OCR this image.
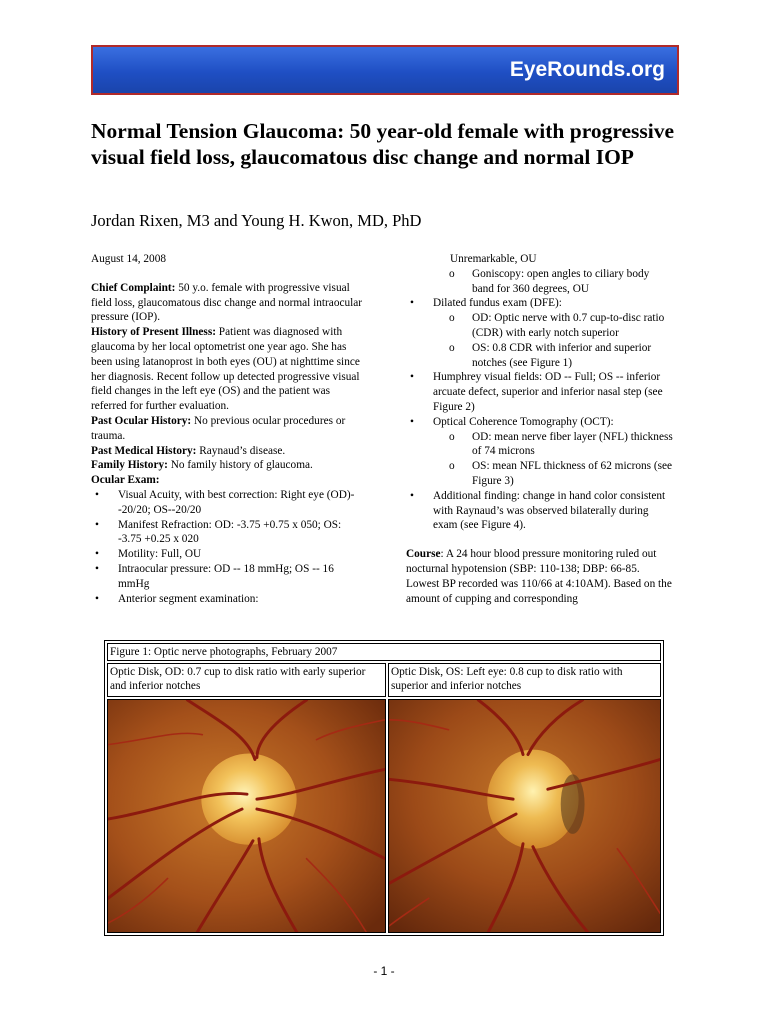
EyeRounds.org
Normal Tension Glaucoma: 50 year-old female with progressive visual field loss, glaucomatous disc change and normal IOP
Jordan Rixen, M3 and Young H. Kwon, MD, PhD

August 14, 2008

Chief Complaint: 50 y.o. female with progressive visual field loss, glaucomatous disc change and normal intraocular pressure (IOP).

History of Present Illness: Patient was diagnosed with glaucoma by her local optometrist one year ago. She has been using latanoprost in both eyes (OU) at nighttime since her diagnosis. Recent follow up detected progressive visual field changes in the left eye (OS) and the patient was referred for further evaluation.

Past Ocular History: No previous ocular procedures or trauma.

Past Medical History: Raynaud’s disease.

Family History: No family history of glaucoma.

Ocular Exam:

• Visual Acuity, with best correction: Right eye (OD)--20/20; OS--20/20
• Manifest Refraction: OD: -3.75 +0.75 x 050; OS: -3.75 +0.25 x 020
• Motility: Full, OU
• Intraocular pressure: OD -- 18 mmHg; OS -- 16 mmHg
• Anterior segment examination:

Unremarkable, OU

o Goniscopy: open angles to ciliary body band for 360 degrees, OU
• Dilated fundus exam (DFE):
o OD: Optic nerve with 0.7 cup-to-disc ratio (CDR) with early notch superior
o OS: 0.8 CDR with inferior and superior notches (see Figure 1)
• Humphrey visual fields: OD -- Full; OS -- inferior arcuate defect, superior and inferior nasal step (see Figure 2)
• Optical Coherence Tomography (OCT):
o OD: mean nerve fiber layer (NFL) thickness of 74 microns
o OS: mean NFL thickness of 62 microns (see Figure 3)
• Additional finding: change in hand color consistent with Raynaud’s was observed bilaterally during exam (see Figure 4).

Course: A 24 hour blood pressure monitoring ruled out nocturnal hypotension (SBP: 110-138; DBP: 66-85. Lowest BP recorded was 110/66 at 4:10AM). Based on the amount of cupping and corresponding

Figure 1: Optic nerve photographs, February 2007
Optic Disk, OD: 0.7 cup to disk ratio with early superior and inferior notches
Optic Disk, OS: Left eye: 0.8 cup to disk ratio with superior and inferior notches
- 1 -
